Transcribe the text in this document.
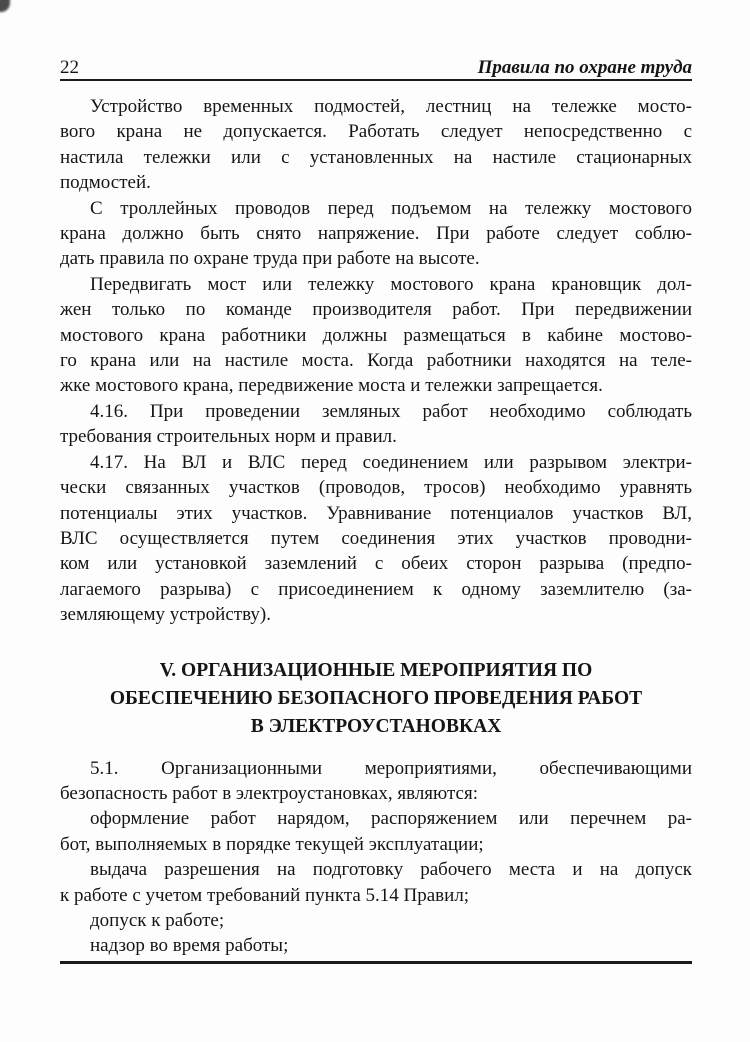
22	Правила по охране труда

Устройство временных подмостей, лестниц на тележке мосто-
вого крана не допускается. Работать следует непосредственно с
настила тележки или с установленных на настиле стационарных
подмостей.

С троллейных проводов перед подъемом на тележку мостового
крана должно быть снято напряжение. При работе следует соблю-
дать правила по охране труда при работе на высоте.

Передвигать мост или тележку мостового крана крановщик дол-
жен только по команде производителя работ. При передвижении
мостового крана работники должны размещаться в кабине мостово-
го крана или на настиле моста. Когда работники находятся на теле-
жке мостового крана, передвижение моста и тележки запрещается.

4.16. При проведении земляных работ необходимо соблюдать
требования строительных норм и правил.

4.17. На ВЛ и ВЛС перед соединением или разрывом электри-
чески связанных участков (проводов, тросов) необходимо уравнять
потенциалы этих участков. Уравнивание потенциалов участков ВЛ,
ВЛС осуществляется путем соединения этих участков проводни-
ком или установкой заземлений с обеих сторон разрыва (предпо-
лагаемого разрыва) с присоединением к одному заземлителю (за-
земляющему устройству).

V. ОРГАНИЗАЦИОННЫЕ МЕРОПРИЯТИЯ ПО
ОБЕСПЕЧЕНИЮ БЕЗОПАСНОГО ПРОВЕДЕНИЯ РАБОТ
В ЭЛЕКТРОУСТАНОВКАХ

5.1. Организационными мероприятиями, обеспечивающими
безопасность работ в электроустановках, являются:

оформление работ нарядом, распоряжением или перечнем ра-
бот, выполняемых в порядке текущей эксплуатации;

выдача разрешения на подготовку рабочего места и на допуск
к работе с учетом требований пункта 5.14 Правил;

допуск к работе;

надзор во время работы;
